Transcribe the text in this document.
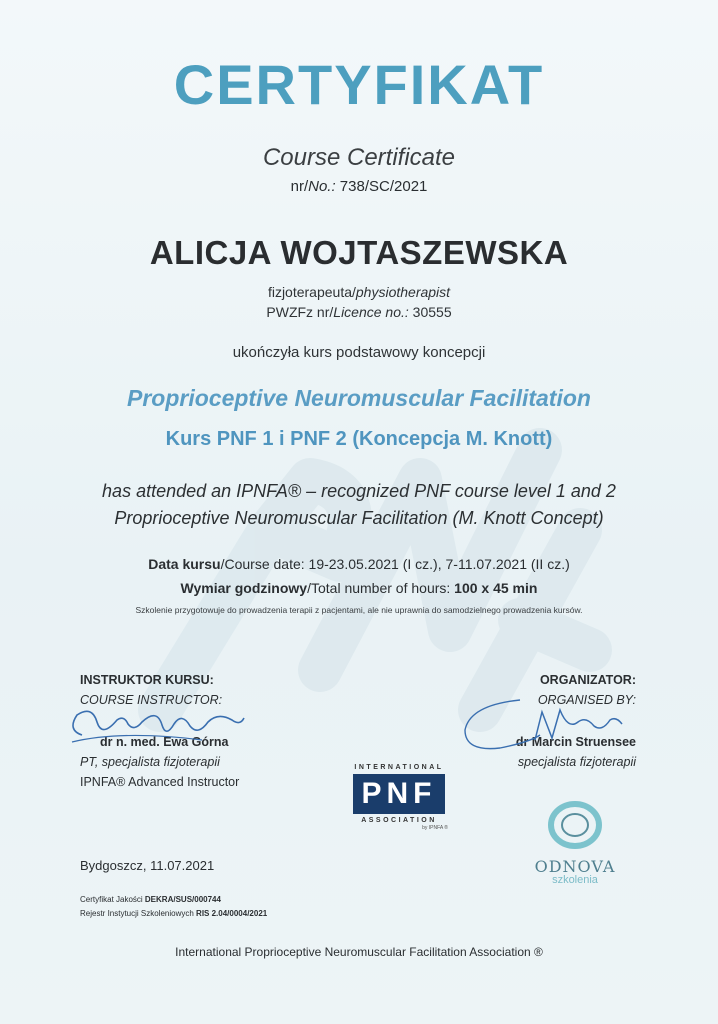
CERTYFIKAT
Course Certificate
nr/No.: 738/SC/2021
ALICJA WOJTASZEWSKA
fizjoterapeuta/physiotherapist
PWZFz nr/Licence no.: 30555
ukończyła kurs podstawowy koncepcji
Proprioceptive Neuromuscular Facilitation
Kurs PNF 1 i PNF 2 (Koncepcja M. Knott)
has attended an IPNFA® – recognized PNF course level 1 and 2
Proprioceptive Neuromuscular Facilitation (M. Knott Concept)
Data kursu/Course date: 19-23.05.2021 (I cz.), 7-11.07.2021 (II cz.)
Wymiar godzinowy/Total number of hours: 100 x 45 min
Szkolenie przygotowuje do prowadzenia terapii z pacjentami, ale nie uprawnia do samodzielnego prowadzenia kursów.
INSTRUKTOR KURSU:
COURSE INSTRUCTOR:
dr n. med. Ewa Górna
PT, specjalista fizjoterapii
IPNFA® Advanced Instructor
ORGANIZATOR:
ORGANISED BY:
dr Marcin Struensee
specjalista fizjoterapii
INTERNATIONAL
PNF
ASSOCIATION
by IPNFA ®
ODNOVA
szkolenia
Bydgoszcz, 11.07.2021
Certyfikat Jakości DEKRA/SUS/000744
Rejestr Instytucji Szkoleniowych RIS 2.04/0004/2021
International Proprioceptive Neuromuscular Facilitation Association ®
